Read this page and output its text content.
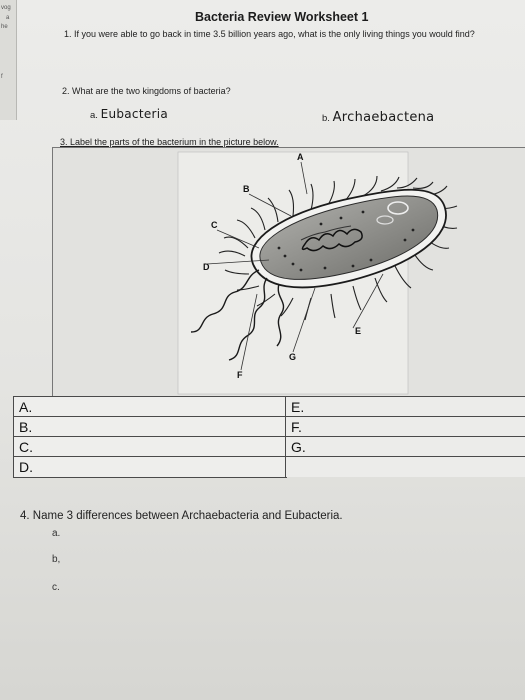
vog
a
he
f
Bacteria Review Worksheet 1
1. If you were able to go back in time 3.5 billion years ago, what is the only living things you would find?
2. What are the two kingdoms of bacteria?
a. Eubacteria	b. Archaebactena
3. Label the parts of the bacterium in the picture below.
A
B
C
D
E
F
G
A.	E.
B.	F.
C.	G.
D.
4. Name 3 differences between Archaebacteria and Eubacteria.
a.
b,
c.
